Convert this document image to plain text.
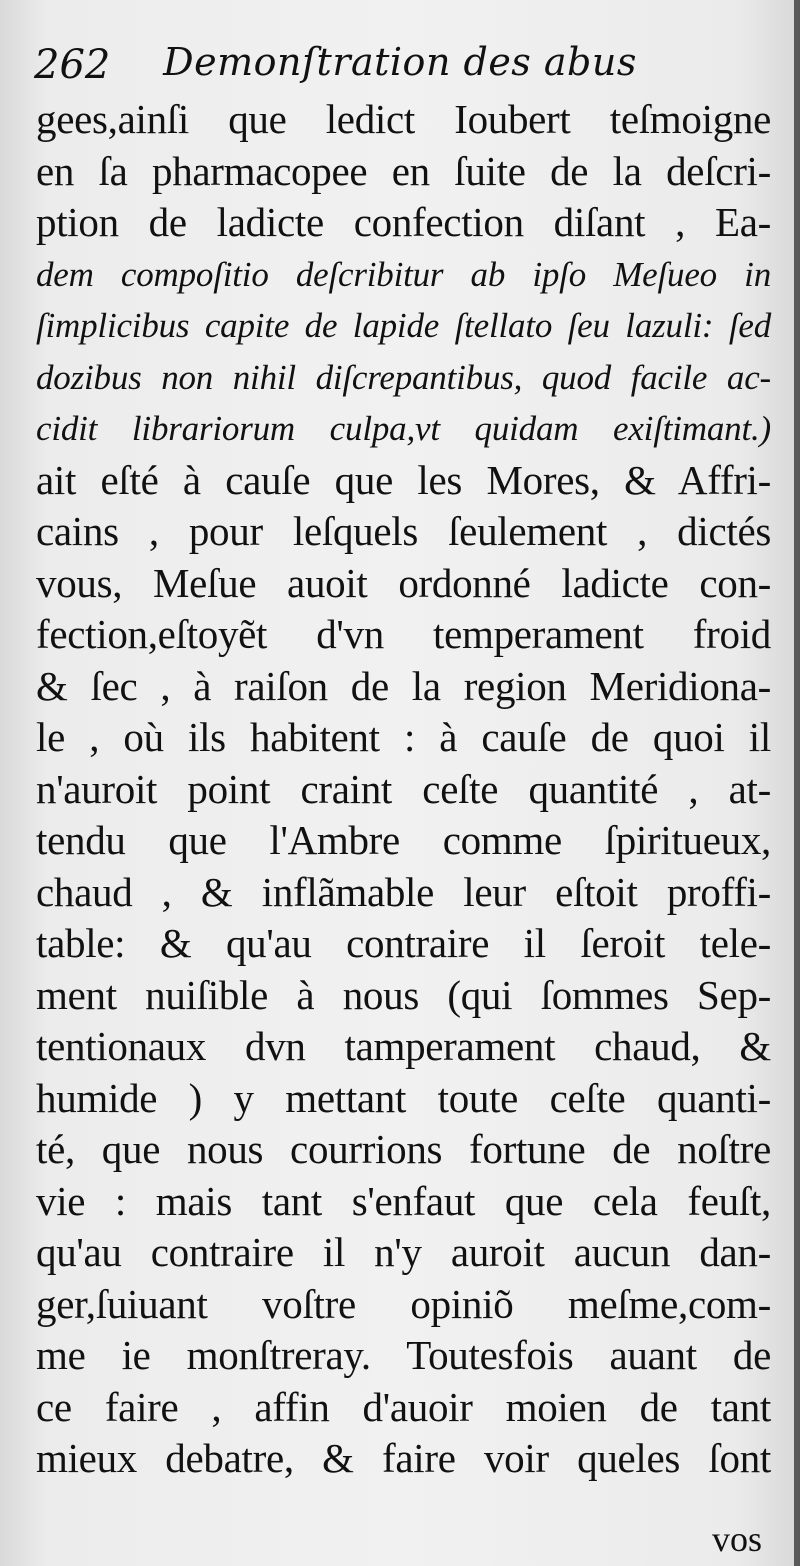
262	Demonſtration des abus
gees,ainſi que ledict Ioubert teſmoigne
en ſa pharmacopee en ſuite de la deſcri-
ption de ladicte confection diſant , Ea-
dem compoſitio deſcribitur ab ipſo Meſueo in
ſimplicibus capite de lapide ſtellato ſeu lazuli: ſed
dozibus non nihil diſcrepantibus, quod facile ac-
cidit librariorum culpa,vt quidam exiſtimant.)
ait eſté à cauſe que les Mores, & Affri-
cains , pour leſquels ſeulement , dictés
vous, Meſue auoit ordonné ladicte con-
fection,eſtoyẽt d'vn temperament froid
& ſec , à raiſon de la region Meridiona-
le , où ils habitent : à cauſe de quoi il
n'auroit point craint ceſte quantité , at-
tendu que l'Ambre comme ſpiritueux,
chaud , & inflãmable leur eſtoit proffi-
table: & qu'au contraire il ſeroit tele-
ment nuiſible à nous (qui ſommes Sep-
tentionaux dvn tamperament chaud, &
humide ) y mettant toute ceſte quanti-
té, que nous courrions fortune de noſtre
vie : mais tant s'enfaut que cela feuſt,
qu'au contraire il n'y auroit aucun dan-
ger,ſuiuant voſtre opiniõ meſme,com-
me ie monſtreray. Toutesfois auant de
ce faire , affin d'auoir moien de tant
mieux debatre, & faire voir queles ſont
vos
